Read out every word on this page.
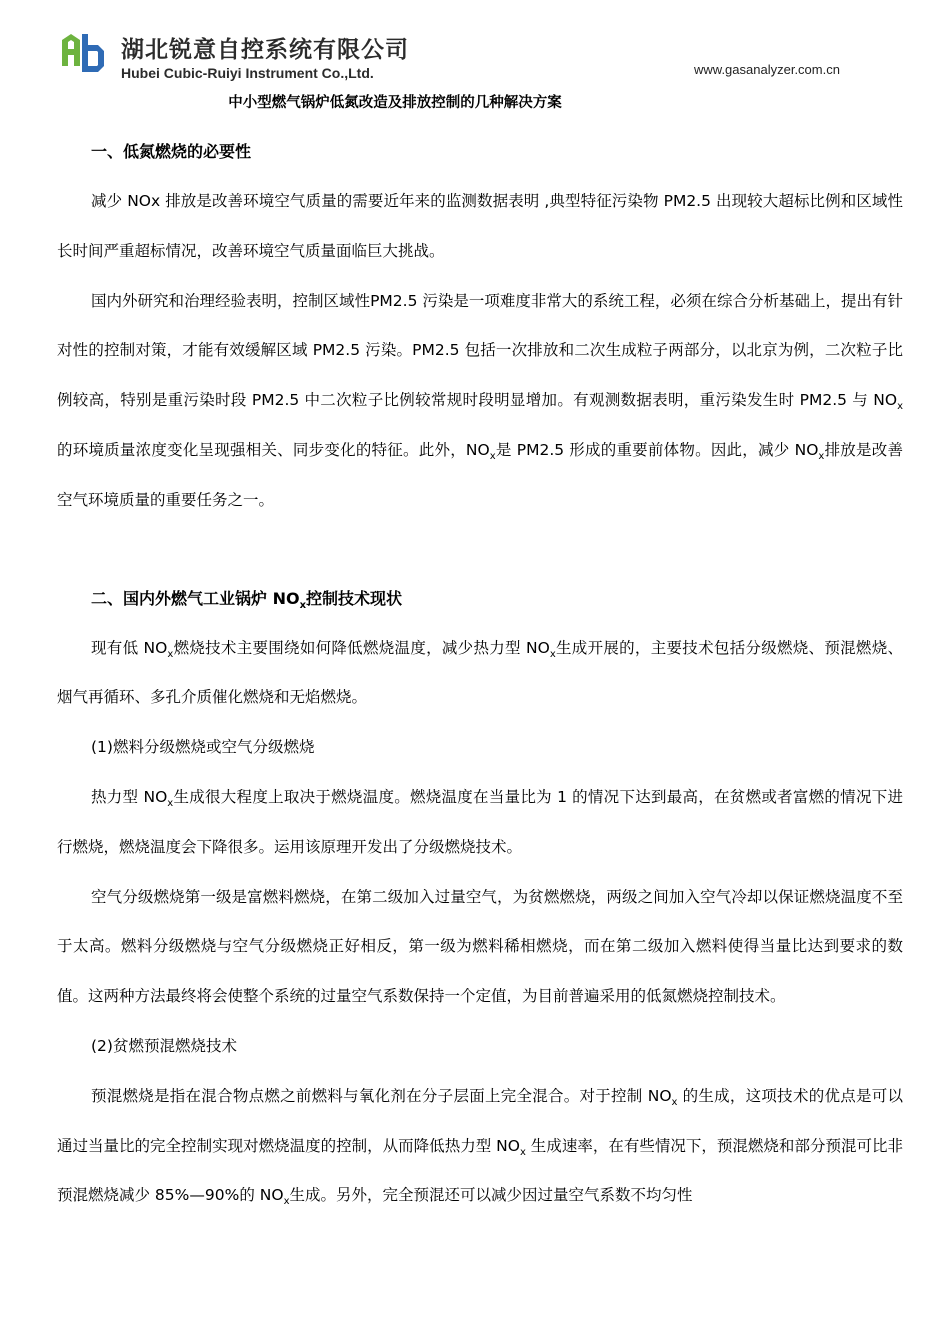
湖北锐意自控系统有限公司
Hubei Cubic-Ruiyi Instrument Co.,Ltd.	www.gasanalyzer.com.cn
中小型燃气锅炉低氮改造及排放控制的几种解决方案
一、低氮燃烧的必要性

减少 NOx 排放是改善环境空气质量的需要近年来的监测数据表明 ,典型特征污染物 PM2.5 出现较大超标比例和区域性长时间严重超标情况，改善环境空气质量面临巨大挑战。

国内外研究和治理经验表明，控制区域性PM2.5 污染是一项难度非常大的系统工程，必须在综合分析基础上，提出有针对性的控制对策，才能有效缓解区域 PM2.5 污染。PM2.5 包括一次排放和二次生成粒子两部分，以北京为例，二次粒子比例较高，特别是重污染时段 PM2.5 中二次粒子比例较常规时段明显增加。有观测数据表明，重污染发生时 PM2.5 与 $NO_x$的环境质量浓度变化呈现强相关、同步变化的特征。此外，$NO_x$是 PM2.5 形成的重要前体物。因此，减少 $NO_x$排放是改善空气环境质量的重要任务之一。

二、国内外燃气工业锅炉 $NO_x$控制技术现状

现有低 $NO_x$燃烧技术主要围绕如何降低燃烧温度，减少热力型 $NO_x$生成开展的，主要技术包括分级燃烧、预混燃烧、烟气再循环、多孔介质催化燃烧和无焰燃烧。

(1)燃料分级燃烧或空气分级燃烧

热力型 $NO_x$生成很大程度上取决于燃烧温度。燃烧温度在当量比为 1 的情况下达到最高，在贫燃或者富燃的情况下进行燃烧，燃烧温度会下降很多。运用该原理开发出了分级燃烧技术。

空气分级燃烧第一级是富燃料燃烧，在第二级加入过量空气，为贫燃燃烧，两级之间加入空气冷却以保证燃烧温度不至于太高。燃料分级燃烧与空气分级燃烧正好相反，第一级为燃料稀相燃烧，而在第二级加入燃料使得当量比达到要求的数值。这两种方法最终将会使整个系统的过量空气系数保持一个定值，为目前普遍采用的低氮燃烧控制技术。

(2)贫燃预混燃烧技术

预混燃烧是指在混合物点燃之前燃料与氧化剂在分子层面上完全混合。对于控制 $NO_x$ 的生成，这项技术的优点是可以通过当量比的完全控制实现对燃烧温度的控制，从而降低热力型 $NO_x$ 生成速率，在有些情况下，预混燃烧和部分预混可比非预混燃烧减少 85%—90%的 $NO_x$生成。另外，完全预混还可以减少因过量空气系数不均匀性
